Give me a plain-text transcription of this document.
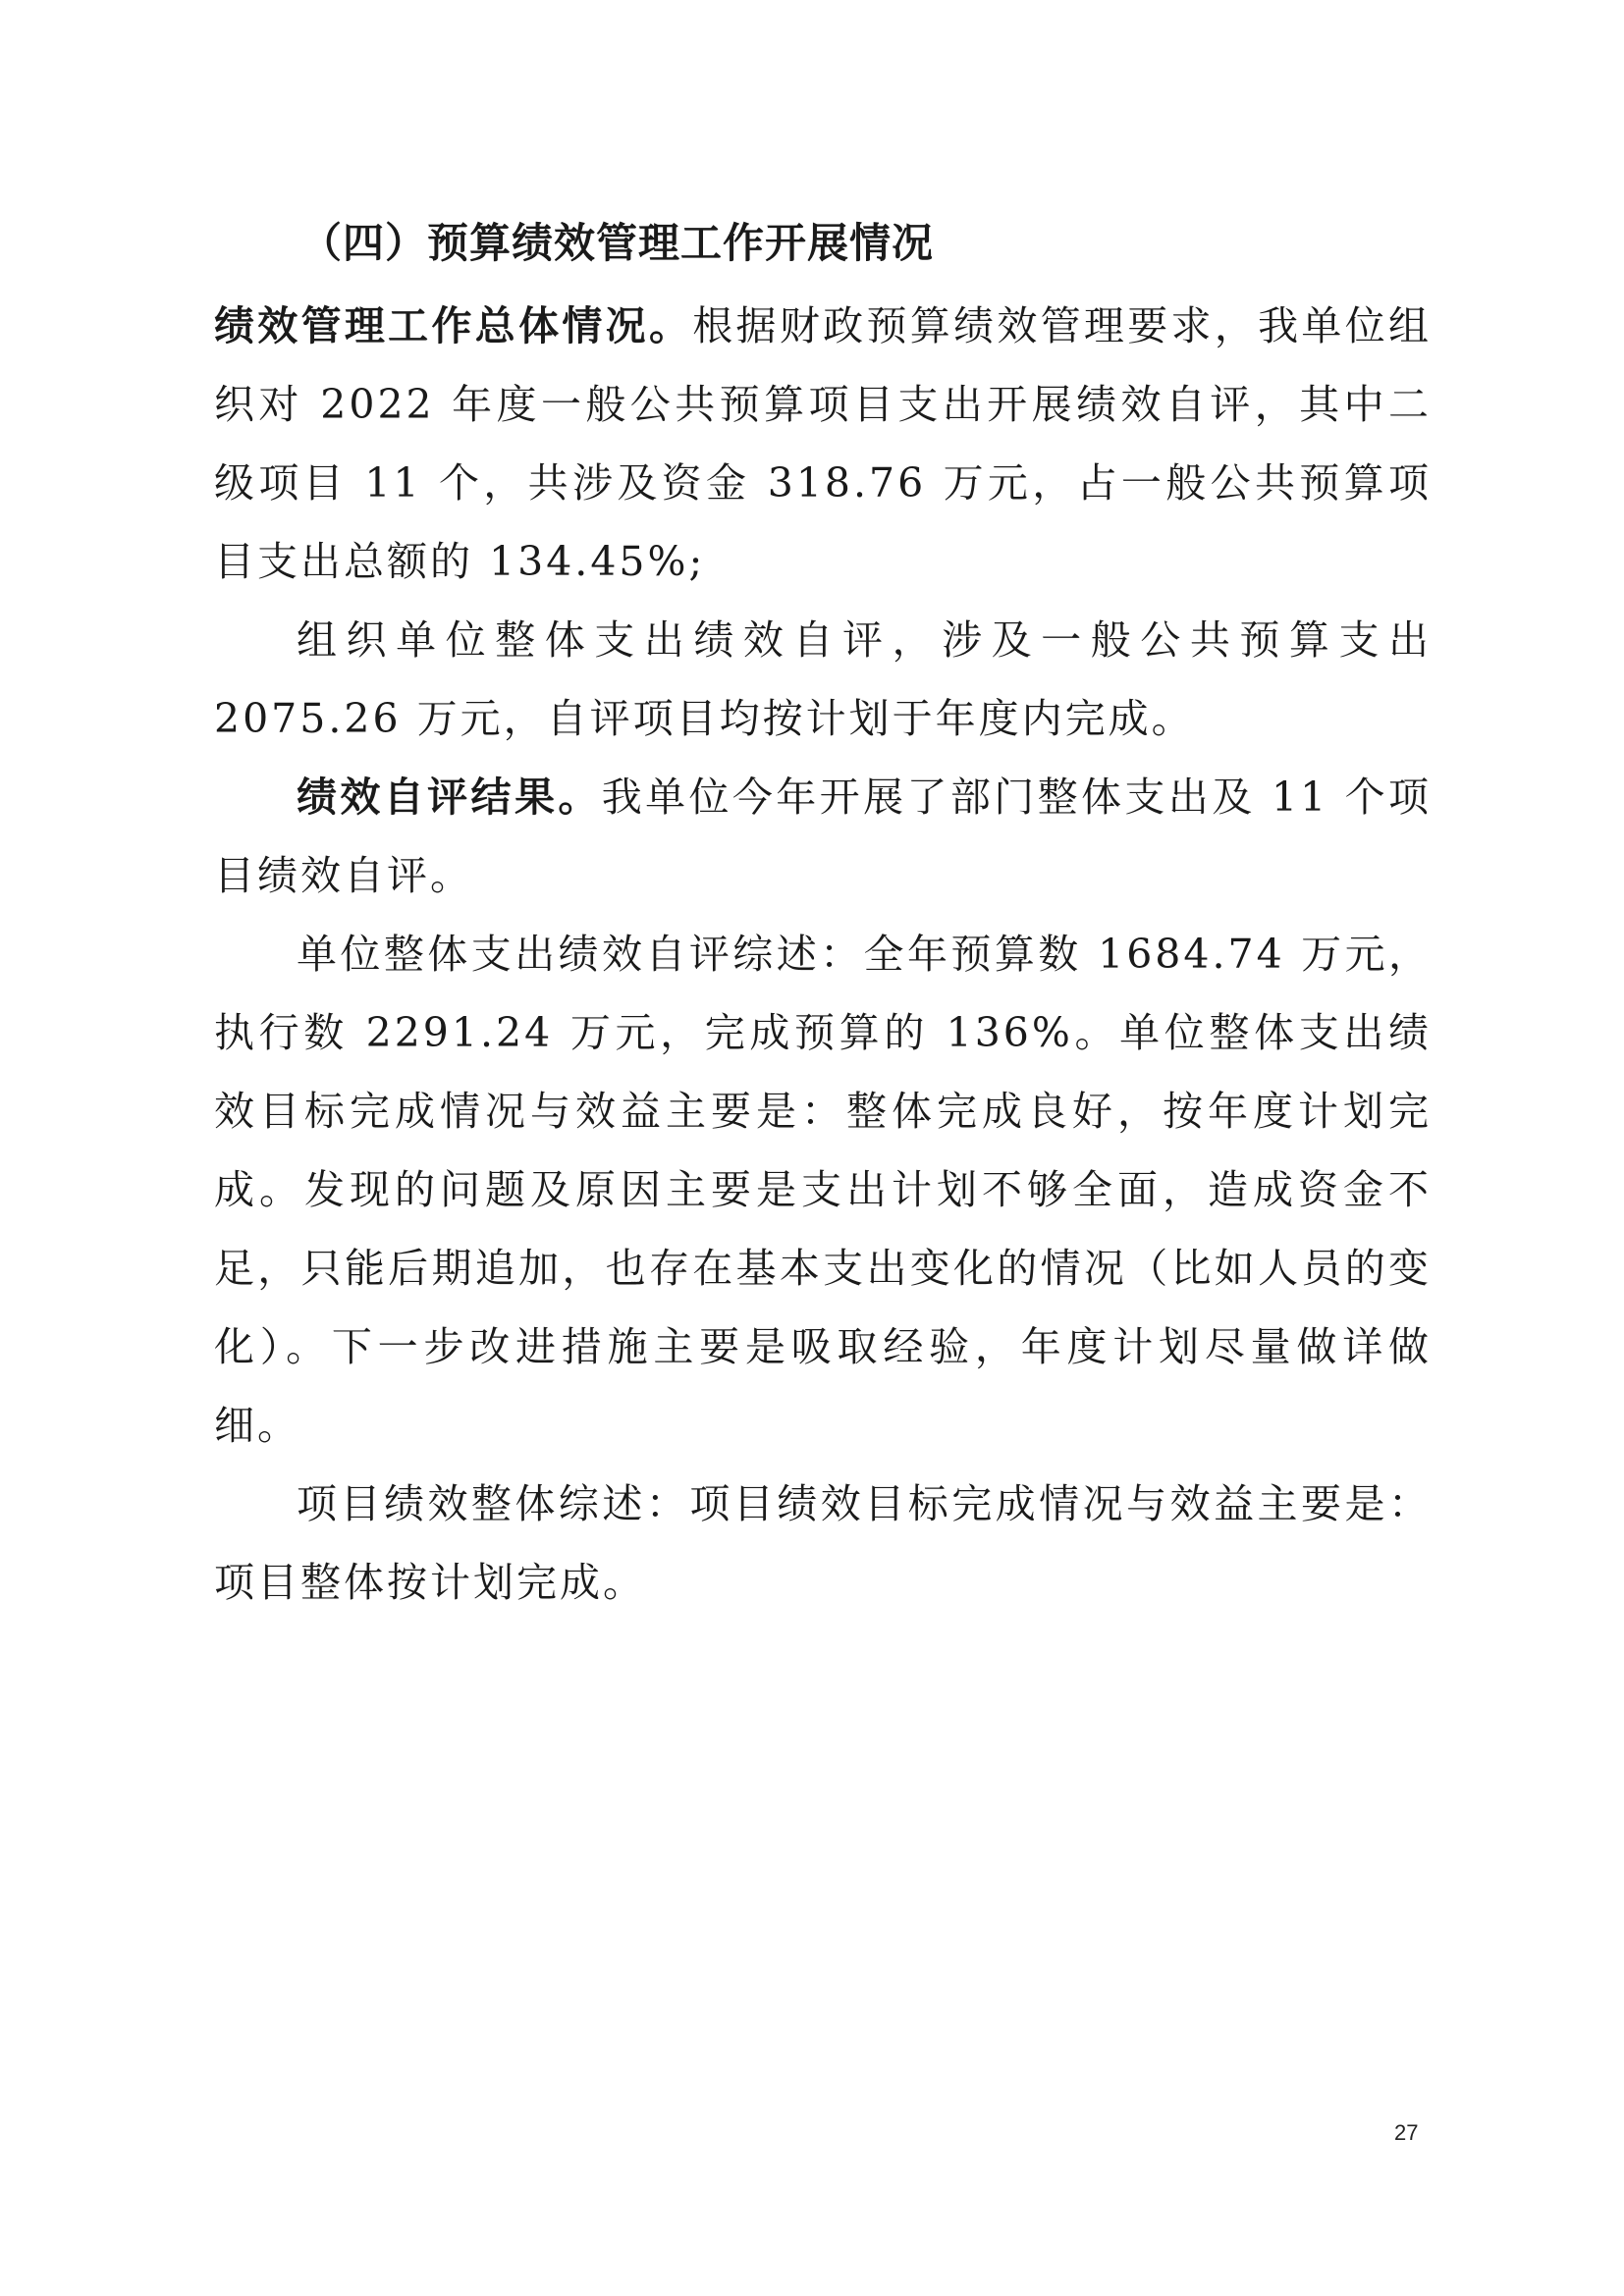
（四）预算绩效管理工作开展情况

绩效管理工作总体情况。根据财政预算绩效管理要求，我单位组织对 2022 年度一般公共预算项目支出开展绩效自评，其中二级项目 11 个，共涉及资金 318.76 万元，占一般公共预算项目支出总额的 134.45%;

组织单位整体支出绩效自评，涉及一般公共预算支出 2075.26 万元，自评项目均按计划于年度内完成。

绩效自评结果。我单位今年开展了部门整体支出及 11 个项目绩效自评。

单位整体支出绩效自评综述：全年预算数 1684.74 万元，执行数 2291.24 万元，完成预算的 136%。单位整体支出绩效目标完成情况与效益主要是：整体完成良好，按年度计划完成。发现的问题及原因主要是支出计划不够全面，造成资金不足，只能后期追加，也存在基本支出变化的情况（比如人员的变化）。下一步改进措施主要是吸取经验，年度计划尽量做详做细。

项目绩效整体综述：项目绩效目标完成情况与效益主要是：项目整体按计划完成。

27
